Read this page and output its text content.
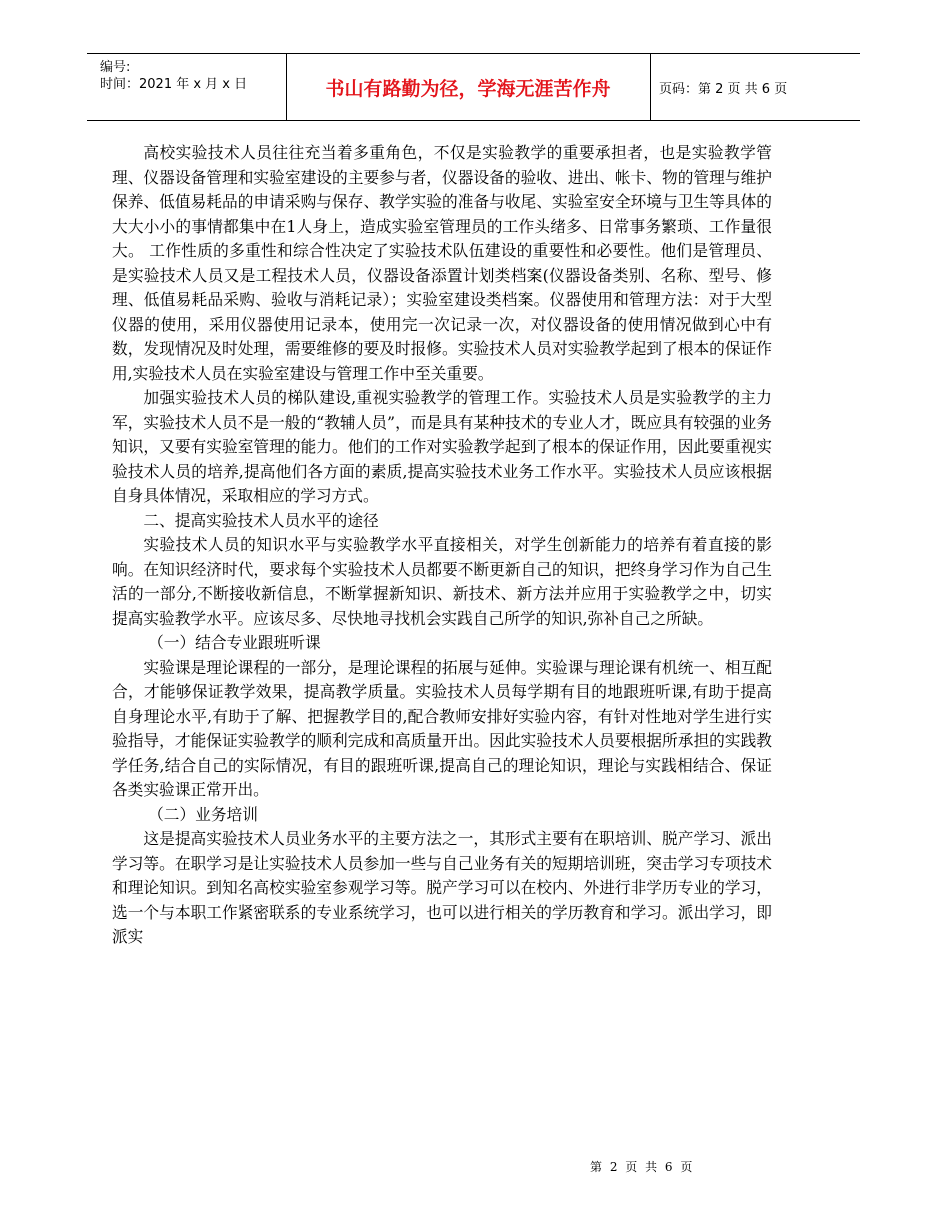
编号:
时间：2021 年 x 月 x 日	书山有路勤为径，学海无涯苦作舟	页码：第 2 页 共 6 页

高校实验技术人员往往充当着多重角色，不仅是实验教学的重要承担者，也是实验教学管理、仪器设备管理和实验室建设的主要参与者，仪器设备的验收、进出、帐卡、物的管理与维护保养、低值易耗品的申请采购与保存、教学实验的准备与收尾、实验室安全环境与卫生等具体的大大小小的事情都集中在1人身上，造成实验室管理员的工作头绪多、日常事务繁琐、工作量很大。 工作性质的多重性和综合性决定了实验技术队伍建设的重要性和必要性。他们是管理员、是实验技术人员又是工程技术人员，仪器设备添置计划类档案(仪器设备类别、名称、型号、修理、低值易耗品采购、验收与消耗记录）；实验室建设类档案。仪器使用和管理方法：对于大型仪器的使用，采用仪器使用记录本，使用完一次记录一次，对仪器设备的使用情况做到心中有数，发现情况及时处理，需要维修的要及时报修。实验技术人员对实验教学起到了根本的保证作用,实验技术人员在实验室建设与管理工作中至关重要。

加强实验技术人员的梯队建设,重视实验教学的管理工作。实验技术人员是实验教学的主力军，实验技术人员不是一般的“教辅人员”，而是具有某种技术的专业人才，既应具有较强的业务知识，又要有实验室管理的能力。他们的工作对实验教学起到了根本的保证作用，因此要重视实验技术人员的培养,提高他们各方面的素质,提高实验技术业务工作水平。实验技术人员应该根据自身具体情况，采取相应的学习方式。

二、提高实验技术人员水平的途径

实验技术人员的知识水平与实验教学水平直接相关，对学生创新能力的培养有着直接的影响。在知识经济时代，要求每个实验技术人员都要不断更新自己的知识，把终身学习作为自己生活的一部分,不断接收新信息，不断掌握新知识、新技术、新方法并应用于实验教学之中，切实提高实验教学水平。应该尽多、尽快地寻找机会实践自己所学的知识,弥补自己之所缺。

（一）结合专业跟班听课

实验课是理论课程的一部分，是理论课程的拓展与延伸。实验课与理论课有机统一、相互配合，才能够保证教学效果，提高教学质量。实验技术人员每学期有目的地跟班听课,有助于提高自身理论水平,有助于了解、把握教学目的,配合教师安排好实验内容，有针对性地对学生进行实验指导，才能保证实验教学的顺利完成和高质量开出。因此实验技术人员要根据所承担的实践教学任务,结合自己的实际情况，有目的跟班听课,提高自己的理论知识，理论与实践相结合、保证各类实验课正常开出。

（二）业务培训

这是提高实验技术人员业务水平的主要方法之一，其形式主要有在职培训、脱产学习、派出学习等。在职学习是让实验技术人员参加一些与自己业务有关的短期培训班，突击学习专项技术和理论知识。到知名高校实验室参观学习等。脱产学习可以在校内、外进行非学历专业的学习，选一个与本职工作紧密联系的专业系统学习，也可以进行相关的学历教育和学习。派出学习，即派实

第 2 页 共 6 页
